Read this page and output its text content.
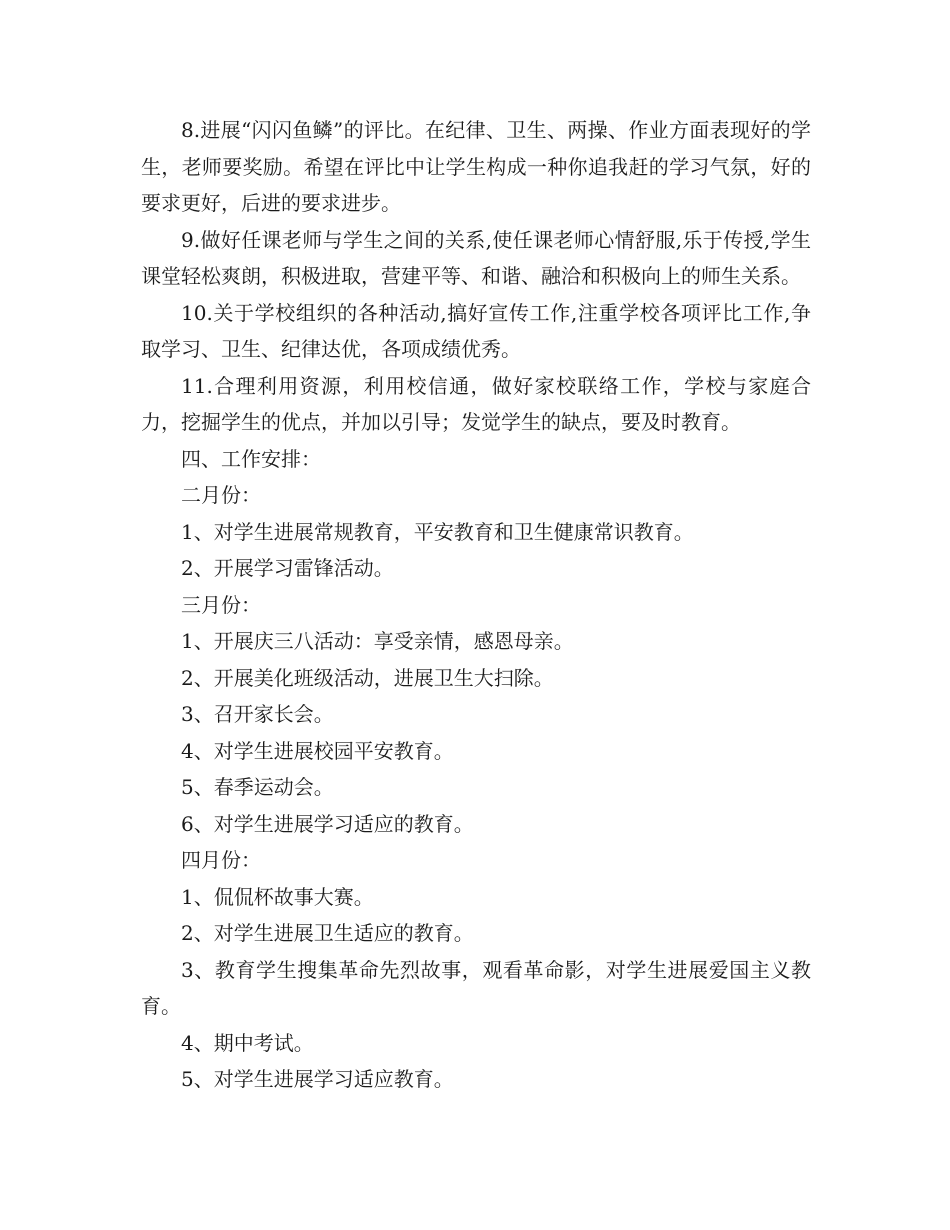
8.进展“闪闪鱼鳞”的评比。在纪律、卫生、两操、作业方面表现好的学生，老师要奖励。希望在评比中让学生构成一种你追我赶的学习气氛，好的要求更好，后进的要求进步。

9.做好任课老师与学生之间的关系,使任课老师心情舒服,乐于传授,学生课堂轻松爽朗，积极进取，营建平等、和谐、融洽和积极向上的师生关系。

10.关于学校组织的各种活动,搞好宣传工作,注重学校各项评比工作,争取学习、卫生、纪律达优，各项成绩优秀。

11.合理利用资源，利用校信通，做好家校联络工作，学校与家庭合力，挖掘学生的优点，并加以引导；发觉学生的缺点，要及时教育。

四、工作安排：

二月份：

1、对学生进展常规教育，平安教育和卫生健康常识教育。

2、开展学习雷锋活动。

三月份：

1、开展庆三八活动：享受亲情，感恩母亲。

2、开展美化班级活动，进展卫生大扫除。

3、召开家长会。

4、对学生进展校园平安教育。

5、春季运动会。

6、对学生进展学习适应的教育。

四月份：

1、侃侃杯故事大赛。

2、对学生进展卫生适应的教育。

3、教育学生搜集革命先烈故事，观看革命影，对学生进展爱国主义教育。

4、期中考试。

5、对学生进展学习适应教育。
